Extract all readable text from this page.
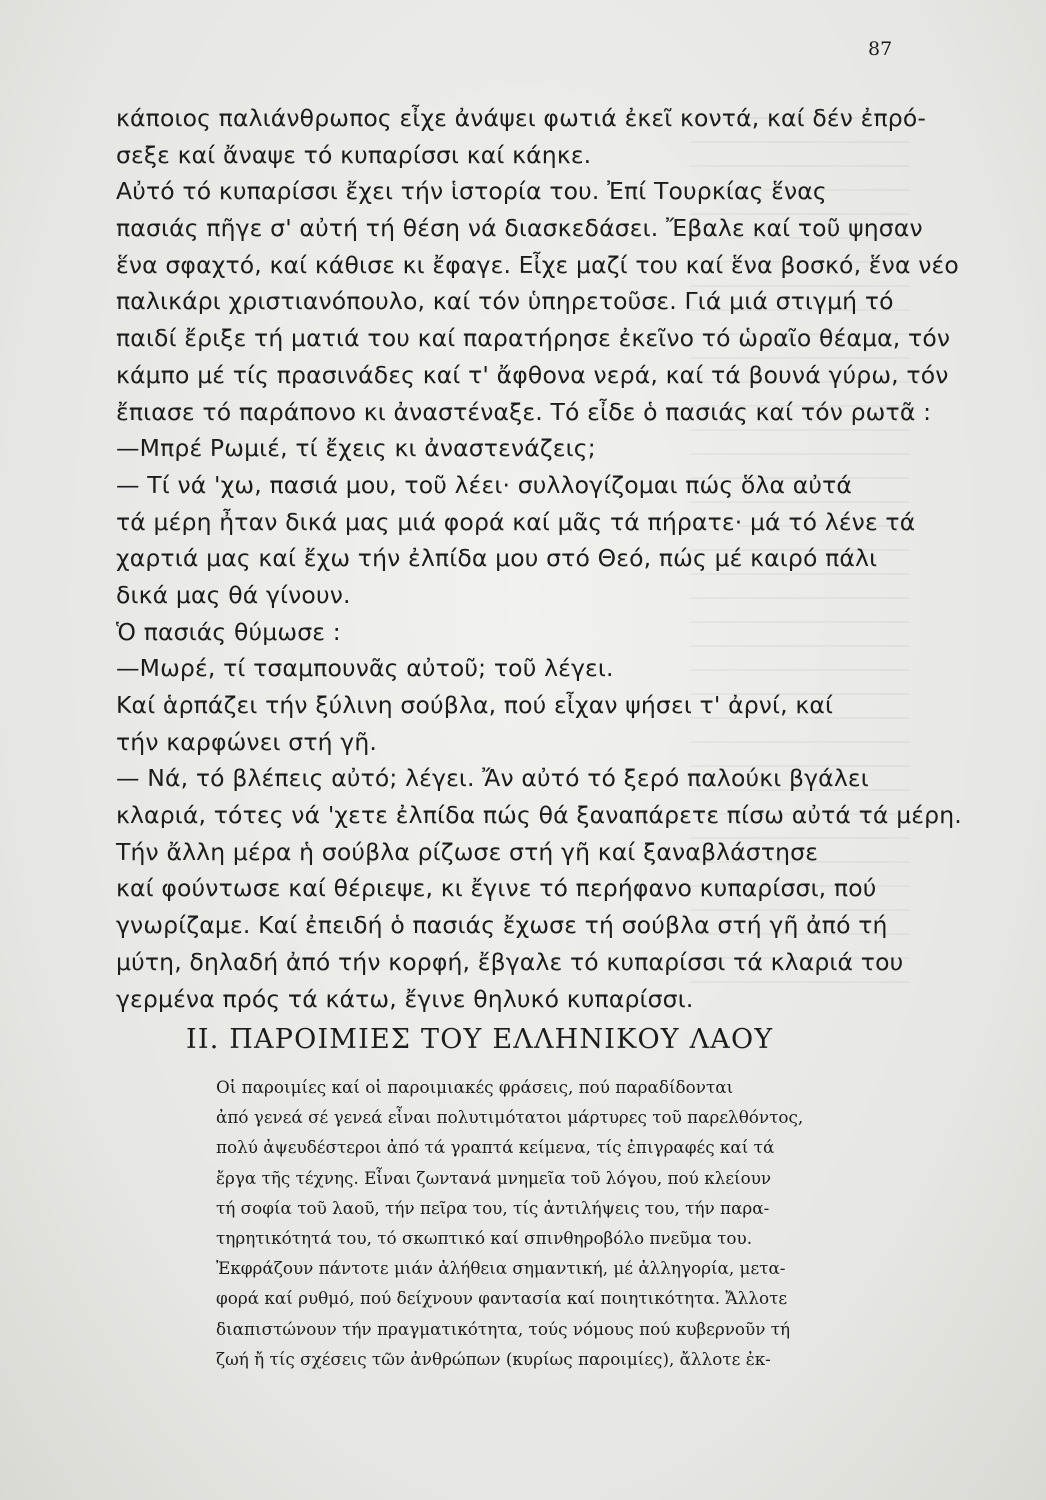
87
κάποιος παλιάνθρωπος εἶχε ἀνάψει φωτιά ἐκεῖ κοντά, καί δέν ἐπρό-
σεξε καί ἄναψε τό κυπαρίσσι καί κάηκε.
Αὐτό τό κυπαρίσσι ἔχει τήν ἱστορία του. Ἐπί Τουρκίας ἕνας
πασιάς πῆγε σ' αὐτή τή θέση νά διασκεδάσει. Ἔβαλε καί τοῦ ψησαν
ἕνα σφαχτό, καί κάθισε κι ἔφαγε. Εἶχε μαζί του καί ἕνα βοσκό, ἕνα νέο
παλικάρι χριστιανόπουλο, καί τόν ὑπηρετοῦσε. Γιά μιά στιγμή τό
παιδί ἔριξε τή ματιά του καί παρατήρησε ἐκεῖνο τό ὡραῖο θέαμα, τόν
κάμπο μέ τίς πρασινάδες καί τ' ἄφθονα νερά, καί τά βουνά γύρω, τόν
ἔπιασε τό παράπονο κι ἀναστέναξε. Τό εἶδε ὁ πασιάς καί τόν ρωτᾶ :
—Μπρέ Ρωμιέ, τί ἔχεις κι ἀναστενάζεις;
— Τί νά 'χω, πασιά μου, τοῦ λέει· συλλογίζομαι πώς ὅλα αὐτά
τά μέρη ἦταν δικά μας μιά φορά καί μᾶς τά πήρατε· μά τό λένε τά
χαρτιά μας καί ἔχω τήν ἐλπίδα μου στό Θεό, πώς μέ καιρό πάλι
δικά μας θά γίνουν.
Ὁ πασιάς θύμωσε :
—Μωρέ, τί τσαμπουνᾶς αὐτοῦ; τοῦ λέγει.
Καί ἁρπάζει τήν ξύλινη σούβλα, πού εἶχαν ψήσει τ' ἀρνί, καί
τήν καρφώνει στή γῆ.
— Νά, τό βλέπεις αὐτό; λέγει. Ἄν αὐτό τό ξερό παλούκι βγάλει
κλαριά, τότες νά 'χετε ἐλπίδα πώς θά ξαναπάρετε πίσω αὐτά τά μέρη.
Τήν ἄλλη μέρα ἡ σούβλα ρίζωσε στή γῆ καί ξαναβλάστησε
καί φούντωσε καί θέριεψε, κι ἔγινε τό περήφανο κυπαρίσσι, πού
γνωρίζαμε. Καί ἐπειδή ὁ πασιάς ἔχωσε τή σούβλα στή γῆ ἀπό τή
μύτη, δηλαδή ἀπό τήν κορφή, ἔβγαλε τό κυπαρίσσι τά κλαριά του
γερμένα πρός τά κάτω, ἔγινε θηλυκό κυπαρίσσι.
II. ΠΑΡΟΙΜΙΕΣ ΤΟΥ ΕΛΛΗΝΙΚΟΥ ΛΑΟΥ
Οἱ παροιμίες καί οἱ παροιμιακές φράσεις, πού παραδίδονται
ἀπό γενεά σέ γενεά εἶναι πολυτιμότατοι μάρτυρες τοῦ παρελθόντος,
πολύ ἀψευδέστεροι ἀπό τά γραπτά κείμενα, τίς ἐπιγραφές καί τά
ἔργα τῆς τέχνης. Εἶναι ζωντανά μνημεῖα τοῦ λόγου, πού κλείουν
τή σοφία τοῦ λαοῦ, τήν πεῖρα του, τίς ἀντιλήψεις του, τήν παρα-
τηρητικότητά του, τό σκωπτικό καί σπινθηροβόλο πνεῦμα του.
Ἐκφράζουν πάντοτε μιάν ἀλήθεια σημαντική, μέ ἀλληγορία, μετα-
φορά καί ρυθμό, πού δείχνουν φαντασία καί ποιητικότητα. Ἄλλοτε
διαπιστώνουν τήν πραγματικότητα, τούς νόμους πού κυβερνοῦν τή
ζωή ἤ τίς σχέσεις τῶν ἀνθρώπων (κυρίως παροιμίες), ἄλλοτε ἐκ-
